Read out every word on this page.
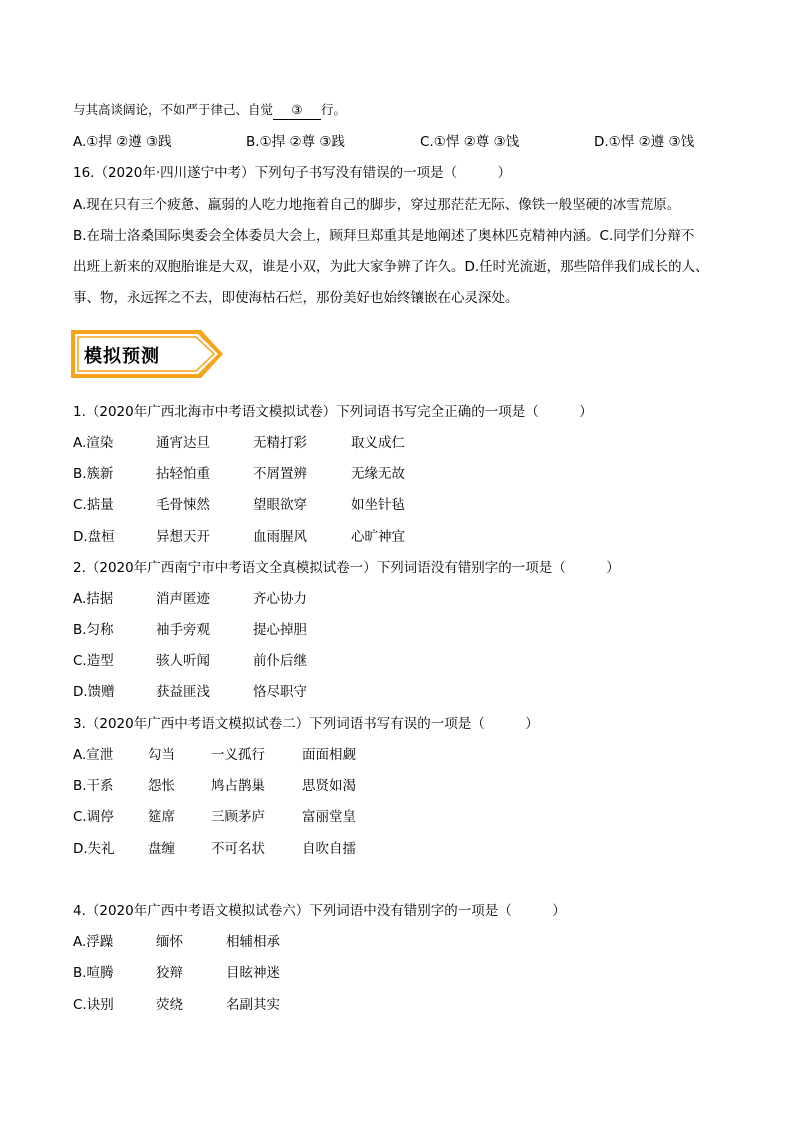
与其高谈阔论，不如严于律己、自觉 ③ 行。
A.①捍 ②遵 ③践	B.①捍 ②尊 ③践	C.①悍 ②尊 ③饯	D.①悍 ②遵 ③饯
16.（2020年·四川遂宁中考）下列句子书写没有错误的一项是（　　　）
A.现在只有三个疲惫、羸弱的人吃力地拖着自己的脚步，穿过那茫茫无际、像铁一般坚硬的冰雪荒原。
B.在瑞士洛桑国际奥委会全体委员大会上，顾拜旦郑重其是地阐述了奥林匹克精神内涵。C.同学们分辩不
出班上新来的双胞胎谁是大双，谁是小双，为此大家争辨了许久。D.任时光流逝，那些陪伴我们成长的人、
事、物，永远挥之不去，即使海枯石烂，那份美好也始终镶嵌在心灵深处。
模拟预测
1.（2020年广西北海市中考语文模拟试卷）下列词语书写完全正确的一项是（　　　）
A.渲染	通宵达旦	无精打彩	取义成仁
B.簇新	拈轻怕重	不屑置辨	无缘无故
C.掂量	毛骨悚然	望眼欲穿	如坐针毡
D.盘桓	异想天开	血雨腥风	心旷神宜
2.（2020年广西南宁市中考语文全真模拟试卷一）下列词语没有错别字的一项是（　　　）
A.拮据	消声匿迹	齐心协力
B.匀称	袖手旁观	提心掉胆
C.造型	骇人听闻	前仆后继
D.馈赠	获益匪浅	恪尽职守
3.（2020年广西中考语文模拟试卷二）下列词语书写有误的一项是（　　　）
A.宣泄	勾当	一义孤行	面面相觑
B.干系	怨怅	鸠占鹊巢	思贤如渴
C.调停	筵席	三顾茅庐	富丽堂皇
D.失礼 盘缠	不可名状	自吹自擂
4.（2020年广西中考语文模拟试卷六）下列词语中没有错别字的一项是（　　　）
A.浮躁	缅怀	相辅相承
B.喧腾	狡辩	目眩神迷
C.诀别	荧绕	名副其实
